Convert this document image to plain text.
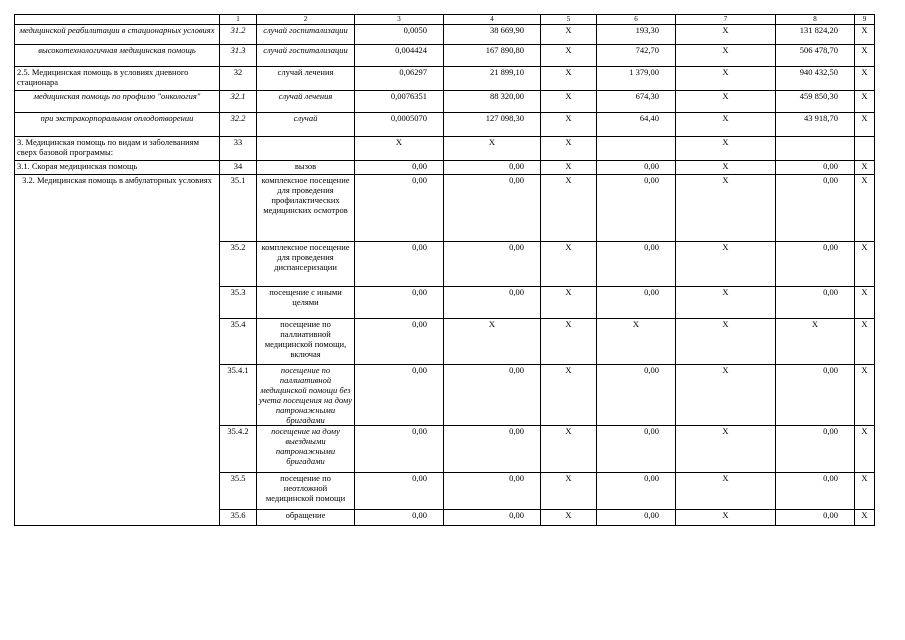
	1	2	3	4	5	6	7	8	9
медицинской реабилитации в стационарных условиях	31.2	случай госпитализации	0,0050	38 669,90	X	193,30	X	131 824,20	X
высокотехнологичная медицинская помощь	31.3	случай госпитализации	0,004424	167 890,80	X	742,70	X	506 478,70	X
2.5. Медицинская помощь в условиях дневного стационара	32	случай лечения	0,06297	21 899,10	X	1 379,00	X	940 432,50	X
медицинская помощь по профилю "онкология"	32.1	случай лечения	0,0076351	88 320,00	X	674,30	X	459 850,30	X
при экстракорпоральном оплодотворении	32.2	случай	0,0005070	127 098,30	X	64,40	X	43 918,70	X
3. Медицинская помощь по видам и заболеваниям сверх базовой программы:	33		X	X	X		X		
3.1. Скорая медицинская помощь	34	вызов	0,00	0,00	X	0,00	X	0,00	X
3.2. Медицинская помощь в амбулаторных условиях	35.1	комплексное посещение для проведения профилактических медицинских осмотров	0,00	0,00	X	0,00	X	0,00	X
	35.2	комплексное посещение для проведения диспансеризации	0,00	0,00	X	0,00	X	0,00	X
	35.3	посещение с иными целями	0,00	0,00	X	0,00	X	0,00	X
	35.4	посещение по паллиативной медицинской помощи, включая	0,00	X	X	X	X	X	X
	35.4.1	посещение по паллиативной медицинской помощи без учета посещения на дому патронажными бригадами	0,00	0,00	X	0,00	X	0,00	X
	35.4.2	посещение на дому выездными патронажными бригадами	0,00	0,00	X	0,00	X	0,00	X
	35.5	посещение по неотложной медицинской помощи	0,00	0,00	X	0,00	X	0,00	X
	35.6	обращение	0,00	0,00	X	0,00	X	0,00	X
